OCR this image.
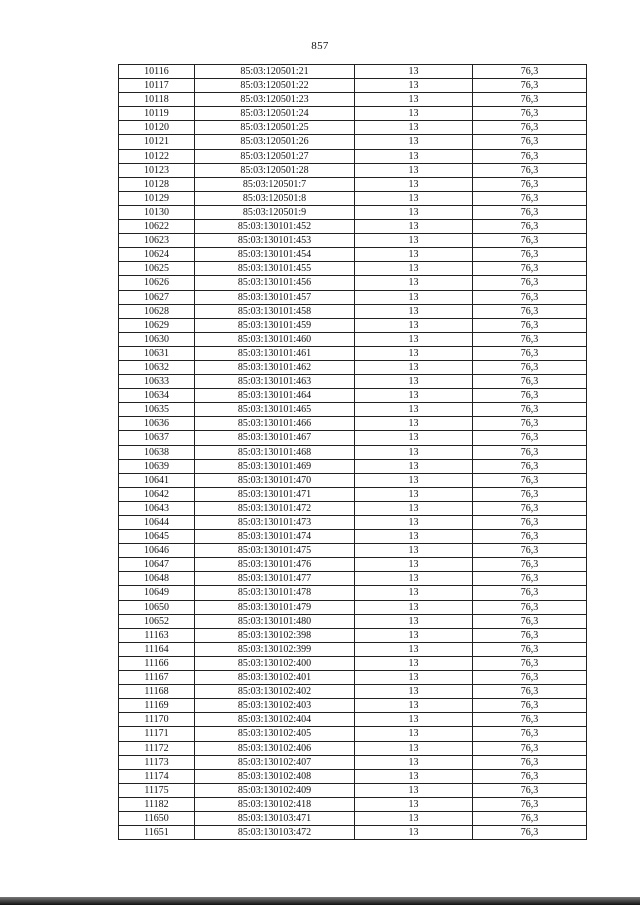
857
10116	85:03:120501:21	13	76,3
10117	85:03:120501:22	13	76,3
10118	85:03:120501:23	13	76,3
10119	85:03:120501:24	13	76,3
10120	85:03:120501:25	13	76,3
10121	85:03:120501:26	13	76,3
10122	85:03:120501:27	13	76,3
10123	85:03:120501:28	13	76,3
10128	85:03:120501:7	13	76,3
10129	85:03:120501:8	13	76,3
10130	85:03:120501:9	13	76,3
10622	85:03:130101:452	13	76,3
10623	85:03:130101:453	13	76,3
10624	85:03:130101:454	13	76,3
10625	85:03:130101:455	13	76,3
10626	85:03:130101:456	13	76,3
10627	85:03:130101:457	13	76,3
10628	85:03:130101:458	13	76,3
10629	85:03:130101:459	13	76,3
10630	85:03:130101:460	13	76,3
10631	85:03:130101:461	13	76,3
10632	85:03:130101:462	13	76,3
10633	85:03:130101:463	13	76,3
10634	85:03:130101:464	13	76,3
10635	85:03:130101:465	13	76,3
10636	85:03:130101:466	13	76,3
10637	85:03:130101:467	13	76,3
10638	85:03:130101:468	13	76,3
10639	85:03:130101:469	13	76,3
10641	85:03:130101:470	13	76,3
10642	85:03:130101:471	13	76,3
10643	85:03:130101:472	13	76,3
10644	85:03:130101:473	13	76,3
10645	85:03:130101:474	13	76,3
10646	85:03:130101:475	13	76,3
10647	85:03:130101:476	13	76,3
10648	85:03:130101:477	13	76,3
10649	85:03:130101:478	13	76,3
10650	85:03:130101:479	13	76,3
10652	85:03:130101:480	13	76,3
11163	85:03:130102:398	13	76,3
11164	85:03:130102:399	13	76,3
11166	85:03:130102:400	13	76,3
11167	85:03:130102:401	13	76,3
11168	85:03:130102:402	13	76,3
11169	85:03:130102:403	13	76,3
11170	85:03:130102:404	13	76,3
11171	85:03:130102:405	13	76,3
11172	85:03:130102:406	13	76,3
11173	85:03:130102:407	13	76,3
11174	85:03:130102:408	13	76,3
11175	85:03:130102:409	13	76,3
11182	85:03:130102:418	13	76,3
11650	85:03:130103:471	13	76,3
11651	85:03:130103:472	13	76,3
